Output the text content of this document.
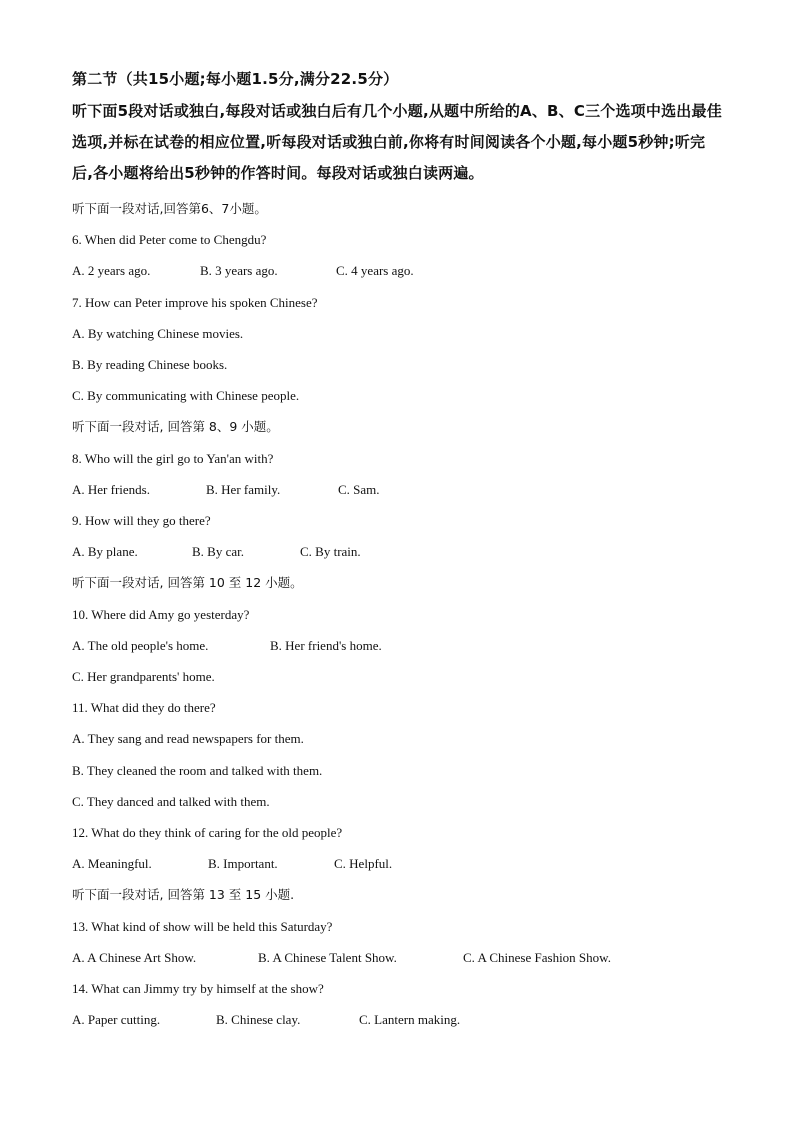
第二节（共15小题;每小题1.5分,满分22.5分）
听下面5段对话或独白,每段对话或独白后有几个小题,从题中所给的A、B、C三个选项中选出最佳选项,并标在试卷的相应位置,听每段对话或独白前,你将有时间阅读各个小题,每小题5秒钟;听完后,各小题将给出5秒钟的作答时间。每段对话或独白读两遍。
听下面一段对话,回答第6、7小题。
6. When did Peter come to Chengdu?
A. 2 years ago.	B. 3 years ago.	C. 4 years ago.
7. How can Peter improve his spoken Chinese?
A. By watching Chinese movies.
B. By reading Chinese books.
C. By communicating with Chinese people.
听下面一段对话, 回答第 8、9 小题。
8. Who will the girl go to Yan'an with?
A. Her friends.	B. Her family.	C. Sam.
9. How will they go there?
A. By plane.	B. By car.	C. By train.
听下面一段对话, 回答第 10 至 12 小题。
10. Where did Amy go yesterday?
A. The old people's home.	B. Her friend's home.
C. Her grandparents' home.
11. What did they do there?
A. They sang and read newspapers for them.
B. They cleaned the room and talked with them.
C. They danced and talked with them.
12. What do they think of caring for the old people?
A. Meaningful.	B. Important.	C. Helpful.
听下面一段对话, 回答第 13 至 15 小题.
13. What kind of show will be held this Saturday?
A. A Chinese Art Show.	B. A Chinese Talent Show.	C. A Chinese Fashion Show.
14. What can Jimmy try by himself at the show?
A. Paper cutting.	B. Chinese clay.	C. Lantern making.
